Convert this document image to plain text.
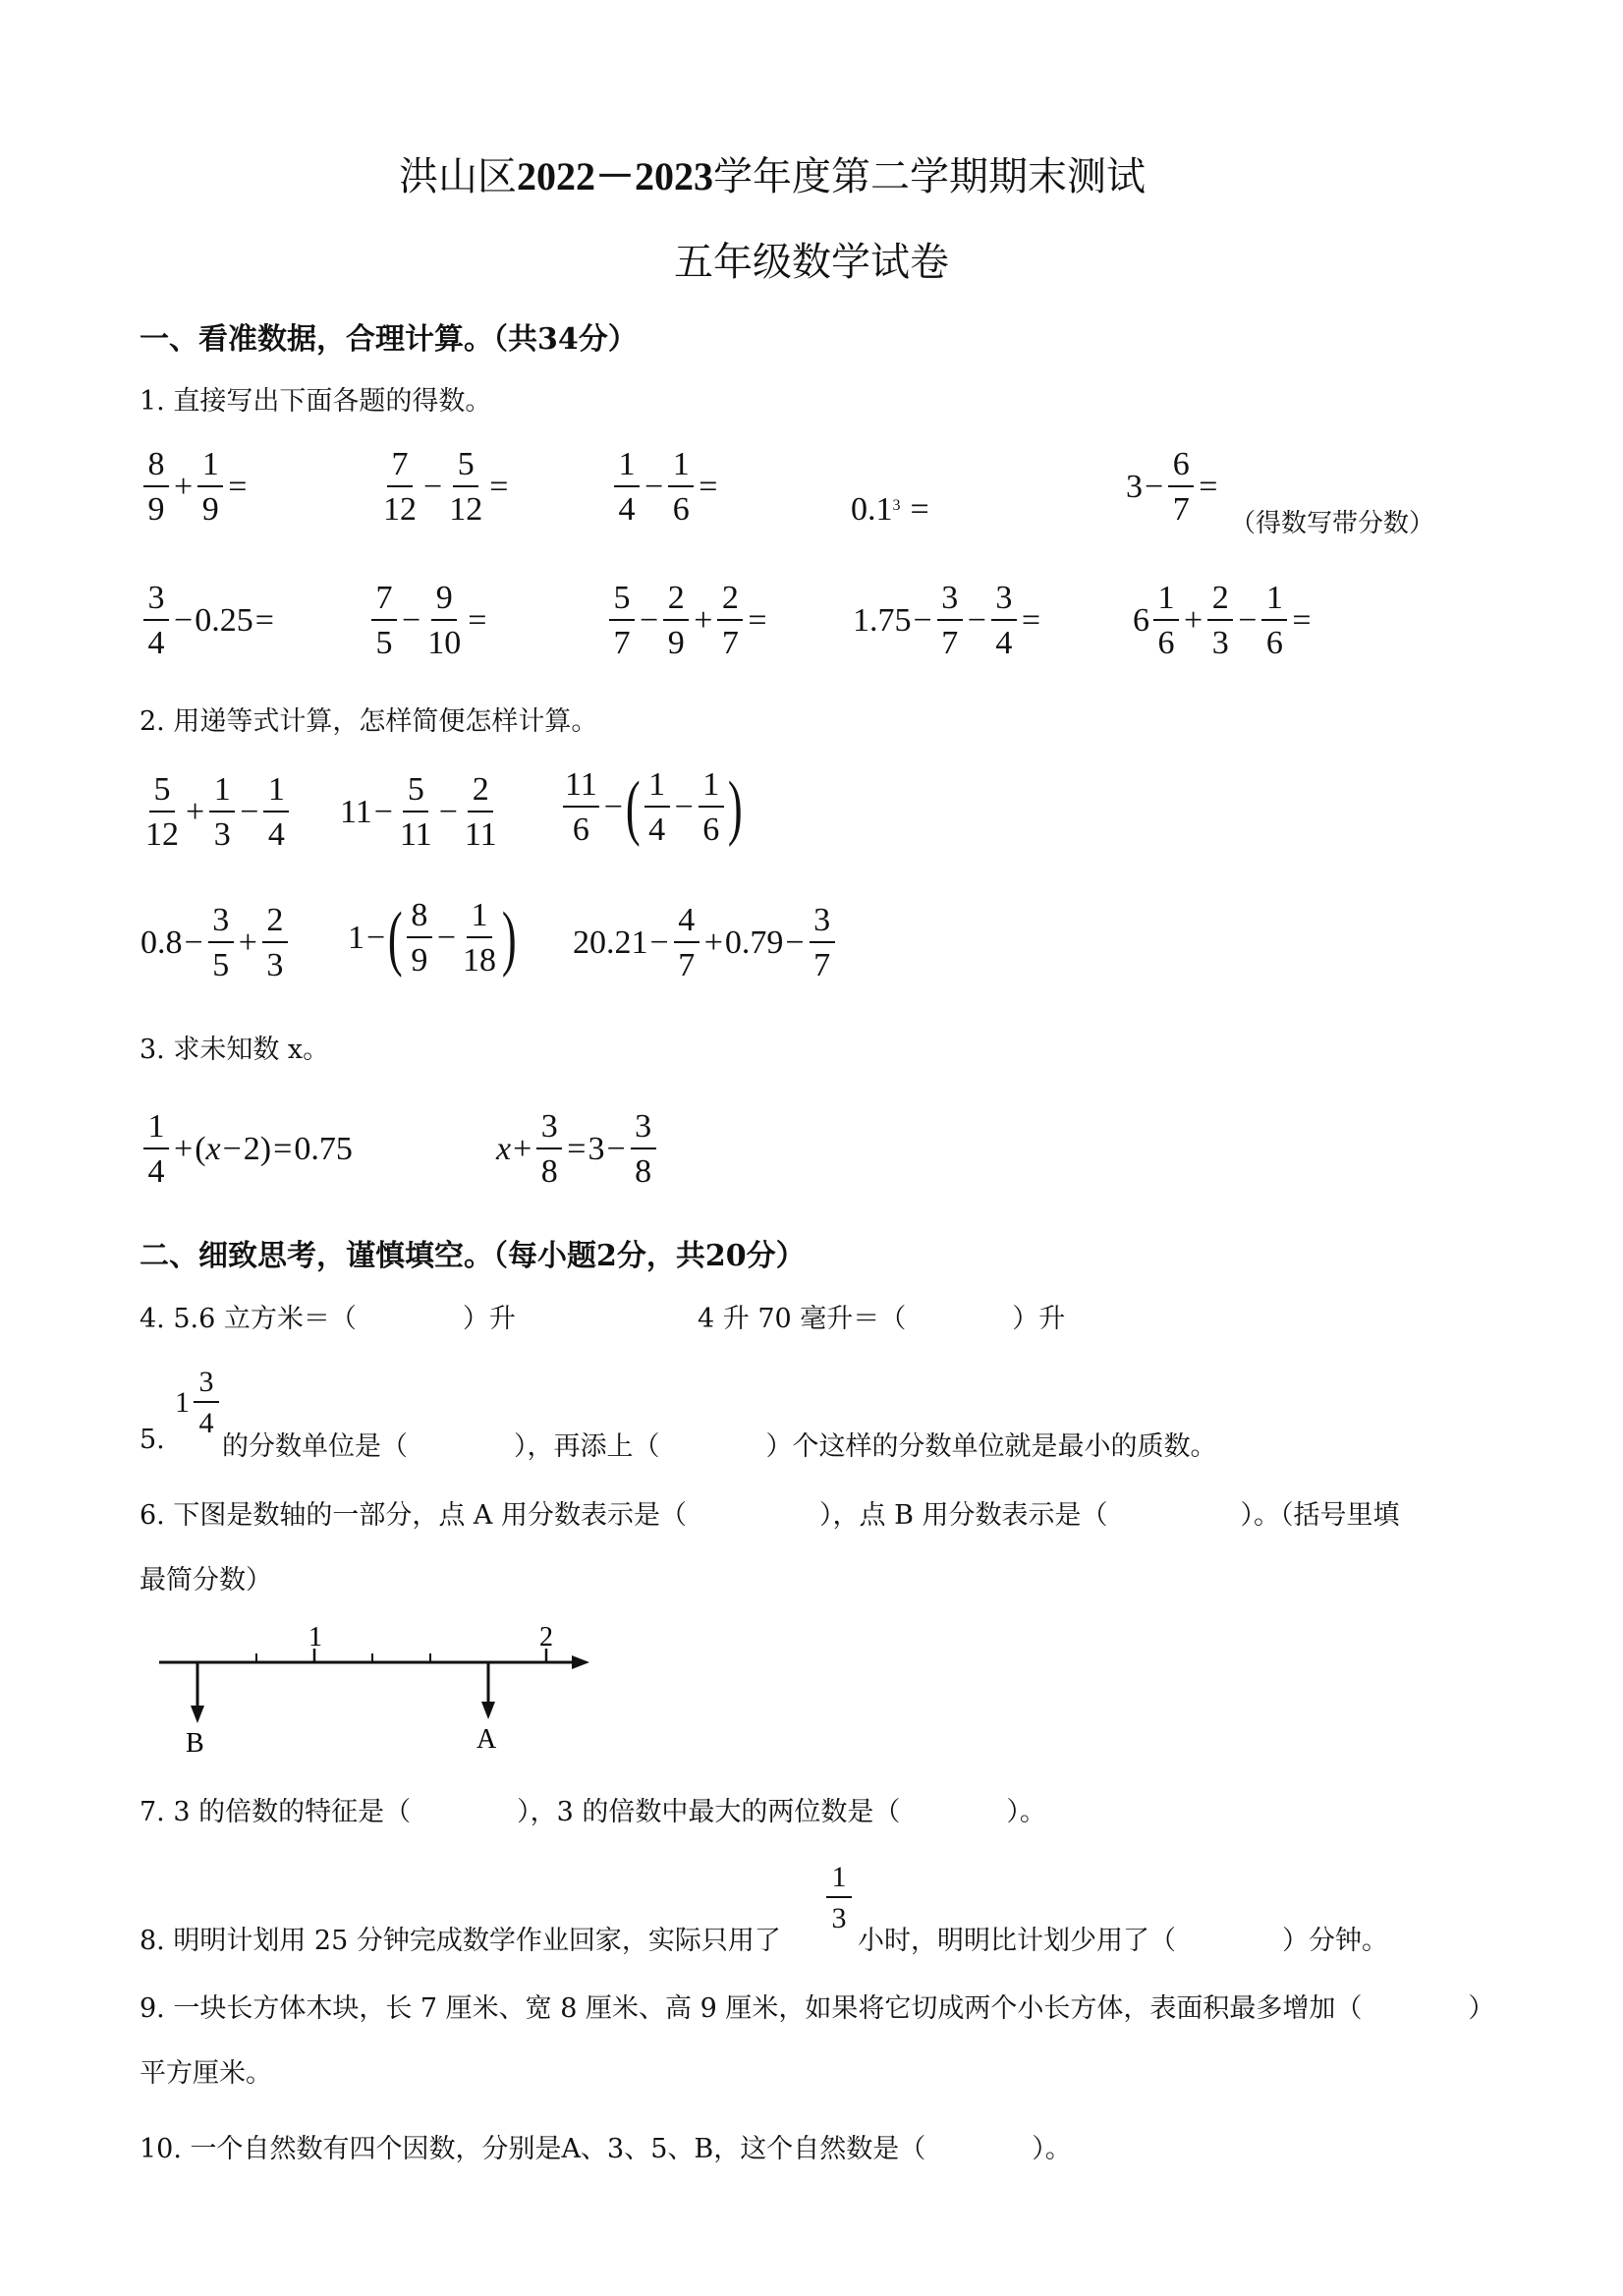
洪山区2022－2023学年度第二学期期末测试
五年级数学试卷
一、看准数据，合理计算。（共34分）
1. 直接写出下面各题的得数。
$\frac{8}{9} + \frac{1}{9}$ =	$\frac{7}{12} - \frac{5}{12}$ =	$\frac{1}{4} - \frac{1}{6}$ =
$0.1^3$ =
$3 - \frac{6}{7}$ =
（得数写带分数）
$\frac{3}{4} - 0.25$ =	$\frac{7}{5} - \frac{9}{10}$ =	$\frac{5}{7} - \frac{2}{9} + \frac{2}{7}$ =	$1.75 - \frac{3}{7} - \frac{3}{4}$ =	$6 \frac{1}{6} + \frac{2}{3} - \frac{1}{6}$ =
2. 用递等式计算，怎样简便怎样计算。
$\frac{5}{12} + \frac{1}{3} - \frac{1}{4} 11 - \frac{5}{11} - \frac{2}{11} \frac{11}{6}$ − ( $\frac{1}{4} - \frac{1}{6}$ )
$0.8 - \frac{3}{5} + \frac{2}{3} 1$ − ( $\frac{8}{9} - \frac{1}{18}$ ) $20.21 - \frac{4}{7} + 0.79 - \frac{3}{7}$
3. 求未知数 x。
$\frac{1}{4}$ + ( x − 2 ) = 0.75	$x + \frac{3}{8} = 3 - \frac{3}{8}$
二、细致思考，谨慎填空。（每小题2分，共20分）
4. 5.6 立方米＝（　　　　）升	4 升 70 毫升＝（　　　　）升
5.
$1 \frac{3}{4}$
的分数单位是（　　　　），再添上（　　　　）个这样的分数单位就是最小的质数。
6. 下图是数轴的一部分，点 A 用分数表示是（　　　　　），点 B 用分数表示是（　　　　　）。（括号里填
最简分数）
1	2
B	A
7. 3 的倍数的特征是（　　　　），3 的倍数中最大的两位数是（　　　　）。
8. 明明计划用 25 分钟完成数学作业回家，实际只用了
$\frac{1}{3}$
小时，明明比计划少用了（　　　　）分钟。
9. 一块长方体木块，长 7 厘米、宽 8 厘米、高 9 厘米，如果将它切成两个小长方体，表面积最多增加（　　　　）
平方厘米。
10. 一个自然数有四个因数，分别是A、3、5、B，这个自然数是（　　　　）。
